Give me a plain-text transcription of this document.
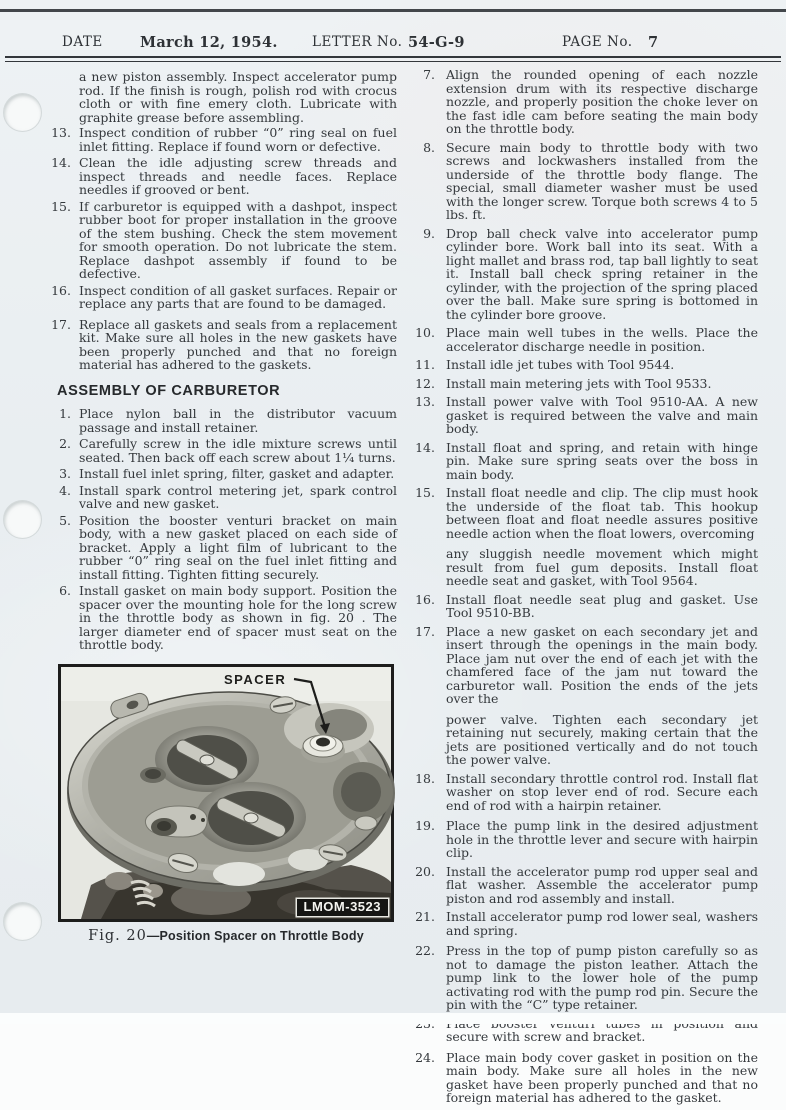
DATE	March 12, 1954.	LETTER No. 54-G-9	PAGE No. 7

a new piston assembly. Inspect accelerator pump rod. If the finish is rough, polish rod with crocus cloth or with fine emery cloth. Lubricate with graphite grease before assembling.

13. Inspect condition of rubber “0” ring seal on fuel inlet fitting. Replace if found worn or defective.
14. Clean the idle adjusting screw threads and inspect threads and needle faces. Replace needles if grooved or bent.
15. If carburetor is equipped with a dashpot, inspect rubber boot for proper installation in the groove of the stem bushing. Check the stem movement for smooth operation. Do not lubricate the stem. Replace dashpot assembly if found to be defective.
16. Inspect condition of all gasket surfaces. Repair or replace any parts that are found to be damaged.
17. Replace all gaskets and seals from a replacement kit. Make sure all holes in the new gaskets have been properly punched and that no foreign material has adhered to the gaskets.
ASSEMBLY OF CARBURETOR
1. Place nylon ball in the distributor vacuum passage and install retainer.
2. Carefully screw in the idle mixture screws until seated. Then back off each screw about 1¼ turns.
3. Install fuel inlet spring, filter, gasket and adapter.
4. Install spark control metering jet, spark control valve and new gasket.
5. Position the booster venturi bracket on main body, with a new gasket placed on each side of bracket. Apply a light film of lubricant to the rubber “0” ring seal on the fuel inlet fitting and install fitting. Tighten fitting securely.
6. Install gasket on main body support. Position the spacer over the mounting hole for the long screw in the throttle body as shown in fig. 20 . The larger diameter end of spacer must seat on the throttle body.
SPACER
LMOM-3523
Fig. 20—Position Spacer on Throttle Body
7. Align the rounded opening of each nozzle extension drum with its respective discharge nozzle, and properly position the choke lever on the fast idle cam before seating the main body on the throttle body.
8. Secure main body to throttle body with two screws and lockwashers installed from the underside of the throttle body flange. The special, small diameter washer must be used with the longer screw. Torque both screws 4 to 5 lbs. ft.
9. Drop ball check valve into accelerator pump cylinder bore. Work ball into its seat. With a light mallet and brass rod, tap ball lightly to seat it. Install ball check spring retainer in the cylinder, with the projection of the spring placed over the ball. Make sure spring is bottomed in the cylinder bore groove.
10. Place main well tubes in the wells. Place the accelerator discharge needle in position.
11. Install idle jet tubes with Tool 9544.
12. Install main metering jets with Tool 9533.
13. Install power valve with Tool 9510-AA. A new gasket is required between the valve and main body.
14. Install float and spring, and retain with hinge pin. Make sure spring seats over the boss in main body.
15. Install float needle and clip. The clip must hook the underside of the float tab. This hookup between float and float needle assures positive needle action when the float lowers, overcoming
any sluggish needle movement which might result from fuel gum deposits. Install float needle seat and gasket, with Tool 9564.
16. Install float needle seat plug and gasket. Use Tool 9510-BB.
17. Place a new gasket on each secondary jet and insert through the openings in the main body. Place jam nut over the end of each jet with the chamfered face of the jam nut toward the carburetor wall. Position the ends of the jets over the
power valve. Tighten each secondary jet retaining nut securely, making certain that the jets are positioned vertically and do not touch the power valve.
18. Install secondary throttle control rod. Install flat washer on stop lever end of rod. Secure each end of rod with a hairpin retainer.
19. Place the pump link in the desired adjustment hole in the throttle lever and secure with hairpin clip.
20. Install the accelerator pump rod upper seal and flat washer. Assemble the accelerator pump piston and rod assembly and install.
21. Install accelerator pump rod lower seal, washers and spring.
22. Press in the top of pump piston carefully so as not to damage the piston leather. Attach the pump link to the lower hole of the pump activating rod with the pump rod pin. Secure the pin with the “C” type retainer.
secure with screw and bracket.
24. Place main body cover gasket in position on the main body. Make sure all holes in the new gasket have been properly punched and that no foreign material has adhered to the gasket.
